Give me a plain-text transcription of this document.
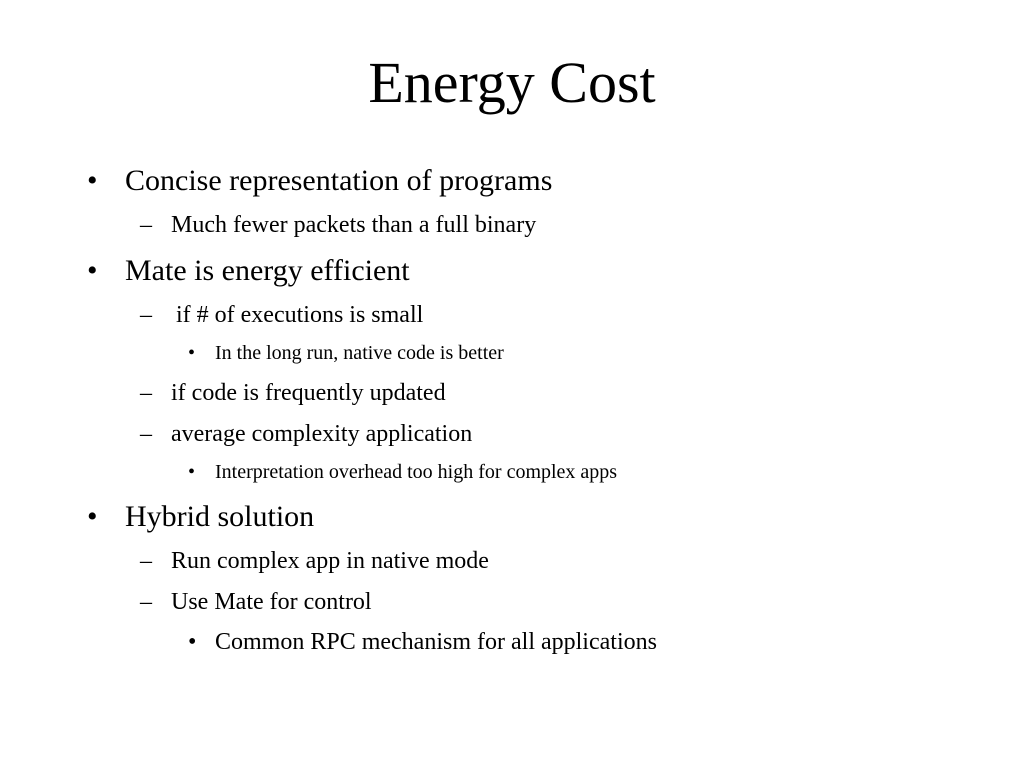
Energy Cost
• Concise representation of programs
– Much fewer packets than a full binary
• Mate is energy efficient
– if # of executions is small
• In the long run, native code is better
– if code is frequently updated
– average complexity application
• Interpretation overhead too high for complex apps
• Hybrid solution
– Run complex app in native mode
– Use Mate for control
• Common RPC mechanism for all applications
